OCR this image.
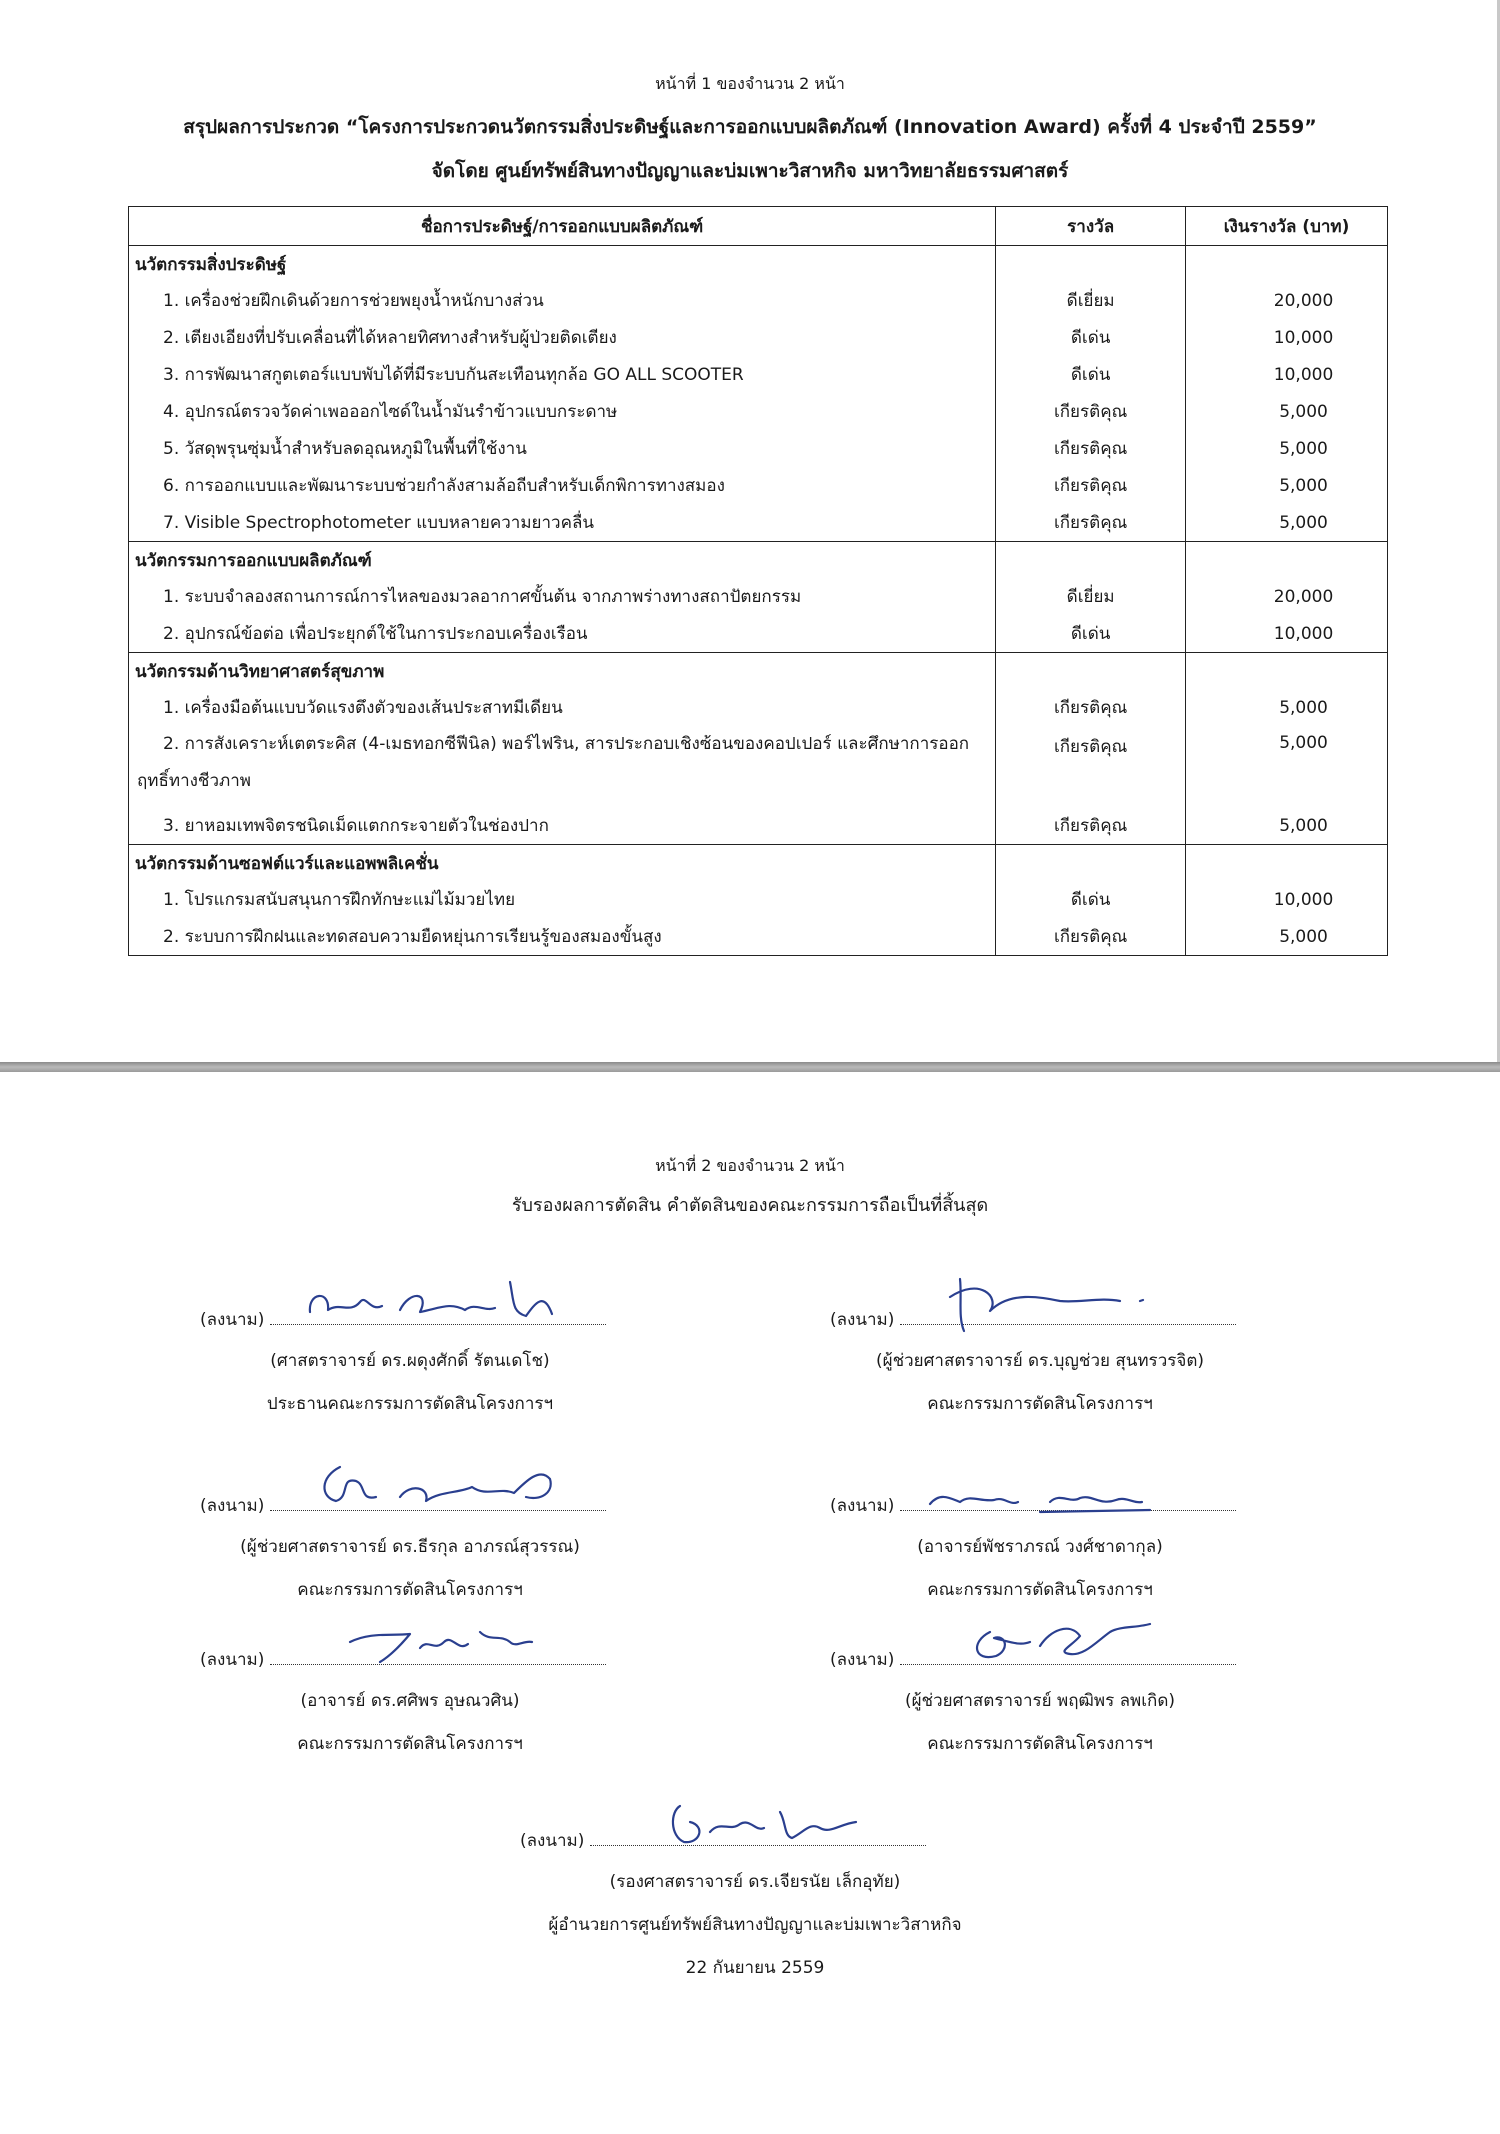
หน้าที่ 1 ของจำนวน 2 หน้า
สรุปผลการประกวด “โครงการประกวดนวัตกรรมสิ่งประดิษฐ์และการออกแบบผลิตภัณฑ์ (Innovation Award) ครั้งที่ 4 ประจำปี 2559”
จัดโดย ศูนย์ทรัพย์สินทางปัญญาและบ่มเพาะวิสาหกิจ มหาวิทยาลัยธรรมศาสตร์
ชื่อการประดิษฐ์/การออกแบบผลิตภัณฑ์	รางวัล	เงินรางวัล (บาท)
นวัตกรรมสิ่งประดิษฐ์		
1. เครื่องช่วยฝึกเดินด้วยการช่วยพยุงน้ำหนักบางส่วน	ดีเยี่ยม	20,000
2. เตียงเอียงที่ปรับเคลื่อนที่ได้หลายทิศทางสำหรับผู้ป่วยติดเตียง	ดีเด่น	10,000
3. การพัฒนาสกูตเตอร์แบบพับได้ที่มีระบบกันสะเทือนทุกล้อ GO ALL SCOOTER	ดีเด่น	10,000
4. อุปกรณ์ตรวจวัดค่าเพอออกไซด์ในน้ำมันรำข้าวแบบกระดาษ	เกียรติคุณ	5,000
5. วัสดุพรุนซุ่มน้ำสำหรับลดอุณหภูมิในพื้นที่ใช้งาน	เกียรติคุณ	5,000
6. การออกแบบและพัฒนาระบบช่วยกำลังสามล้อถีบสำหรับเด็กพิการทางสมอง	เกียรติคุณ	5,000
7. Visible Spectrophotometer แบบหลายความยาวคลื่น	เกียรติคุณ	5,000
นวัตกรรมการออกแบบผลิตภัณฑ์		
1. ระบบจำลองสถานการณ์การไหลของมวลอากาศขั้นต้น จากภาพร่างทางสถาปัตยกรรม	ดีเยี่ยม	20,000
2. อุปกรณ์ข้อต่อ เพื่อประยุกต์ใช้ในการประกอบเครื่องเรือน	ดีเด่น	10,000
นวัตกรรมด้านวิทยาศาสตร์สุขภาพ		
1. เครื่องมือต้นแบบวัดแรงตึงตัวของเส้นประสาทมีเดียน	เกียรติคุณ	5,000
2. การสังเคราะห์เตตระคิส (4-เมธทอกซีฟีนิล) พอร์ไฟริน, สารประกอบเชิงซ้อนของคอปเปอร์ และศึกษาการออกฤทธิ์ทางชีวภาพ	เกียรติคุณ	5,000
3. ยาหอมเทพจิตรชนิดเม็ดแตกกระจายตัวในช่องปาก	เกียรติคุณ	5,000
นวัตกรรมด้านซอฟต์แวร์และแอพพลิเคชั่น		
1. โปรแกรมสนับสนุนการฝึกทักษะแม่ไม้มวยไทย	ดีเด่น	10,000
2. ระบบการฝึกฝนและทดสอบความยืดหยุ่นการเรียนรู้ของสมองขั้นสูง	เกียรติคุณ	5,000
หน้าที่ 2 ของจำนวน 2 หน้า
รับรองผลการตัดสิน คำตัดสินของคณะกรรมการถือเป็นที่สิ้นสุด
(ลงนาม)
(ศาสตราจารย์ ดร.ผดุงศักดิ์ รัตนเดโช)
ประธานคณะกรรมการตัดสินโครงการฯ
(ลงนาม)
(ผู้ช่วยศาสตราจารย์ ดร.บุญช่วย สุนทรวรจิต)
คณะกรรมการตัดสินโครงการฯ
(ลงนาม)
(ผู้ช่วยศาสตราจารย์ ดร.ธีรกุล อาภรณ์สุวรรณ)
คณะกรรมการตัดสินโครงการฯ
(ลงนาม)
(อาจารย์พัชราภรณ์ วงศ์ชาดากุล)
คณะกรรมการตัดสินโครงการฯ
(ลงนาม)
(อาจารย์ ดร.ศศิพร อุษณวศิน)
คณะกรรมการตัดสินโครงการฯ
(ลงนาม)
(ผู้ช่วยศาสตราจารย์ พฤฒิพร ลพเกิด)
คณะกรรมการตัดสินโครงการฯ
(ลงนาม)
(รองศาสตราจารย์ ดร.เจียรนัย เล็กอุทัย)
ผู้อำนวยการศูนย์ทรัพย์สินทางปัญญาและบ่มเพาะวิสาหกิจ
22 กันยายน 2559
